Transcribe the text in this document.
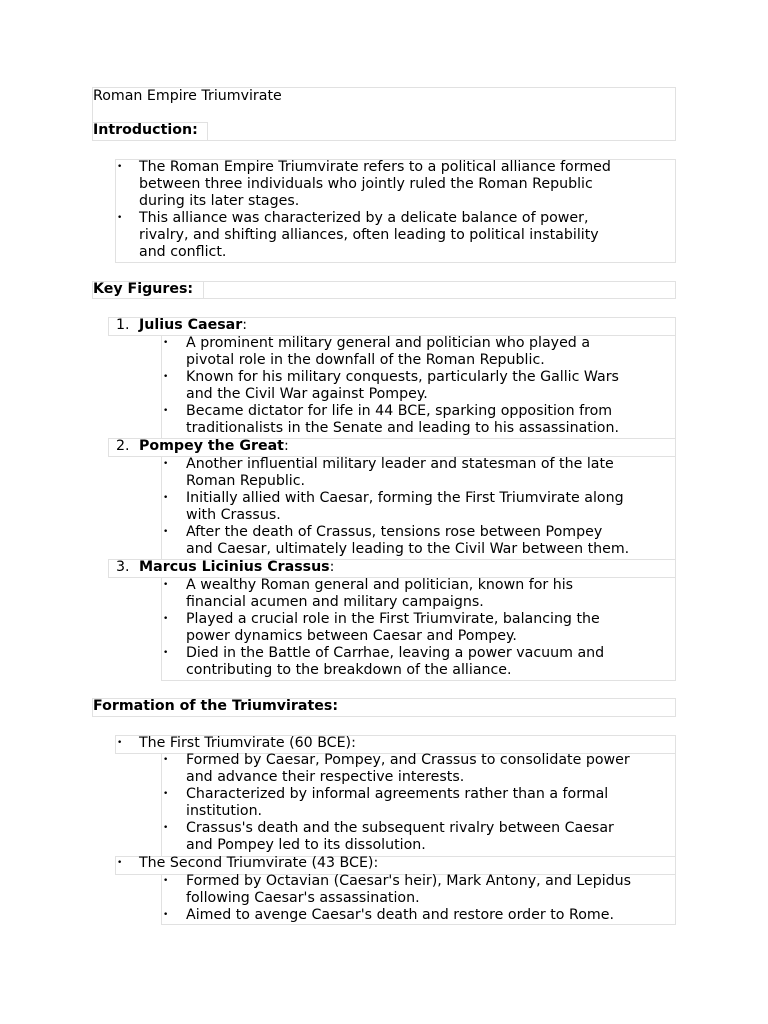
Roman Empire Triumvirate
Introduction:
• The Roman Empire Triumvirate refers to a political alliance formed
between three individuals who jointly ruled the Roman Republic
during its later stages.
• This alliance was characterized by a delicate balance of power,
rivalry, and shifting alliances, often leading to political instability
and conflict.
Key Figures:
1. Julius Caesar:
• A prominent military general and politician who played a
pivotal role in the downfall of the Roman Republic.
• Known for his military conquests, particularly the Gallic Wars
and the Civil War against Pompey.
• Became dictator for life in 44 BCE, sparking opposition from
traditionalists in the Senate and leading to his assassination.
2. Pompey the Great:
• Another influential military leader and statesman of the late
Roman Republic.
• Initially allied with Caesar, forming the First Triumvirate along
with Crassus.
• After the death of Crassus, tensions rose between Pompey
and Caesar, ultimately leading to the Civil War between them.
3. Marcus Licinius Crassus:
• A wealthy Roman general and politician, known for his
financial acumen and military campaigns.
• Played a crucial role in the First Triumvirate, balancing the
power dynamics between Caesar and Pompey.
• Died in the Battle of Carrhae, leaving a power vacuum and
contributing to the breakdown of the alliance.
Formation of the Triumvirates:
• The First Triumvirate (60 BCE):
• Formed by Caesar, Pompey, and Crassus to consolidate power
and advance their respective interests.
• Characterized by informal agreements rather than a formal
institution.
• Crassus's death and the subsequent rivalry between Caesar
and Pompey led to its dissolution.
• The Second Triumvirate (43 BCE):
• Formed by Octavian (Caesar's heir), Mark Antony, and Lepidus
following Caesar's assassination.
• Aimed to avenge Caesar's death and restore order to Rome.
